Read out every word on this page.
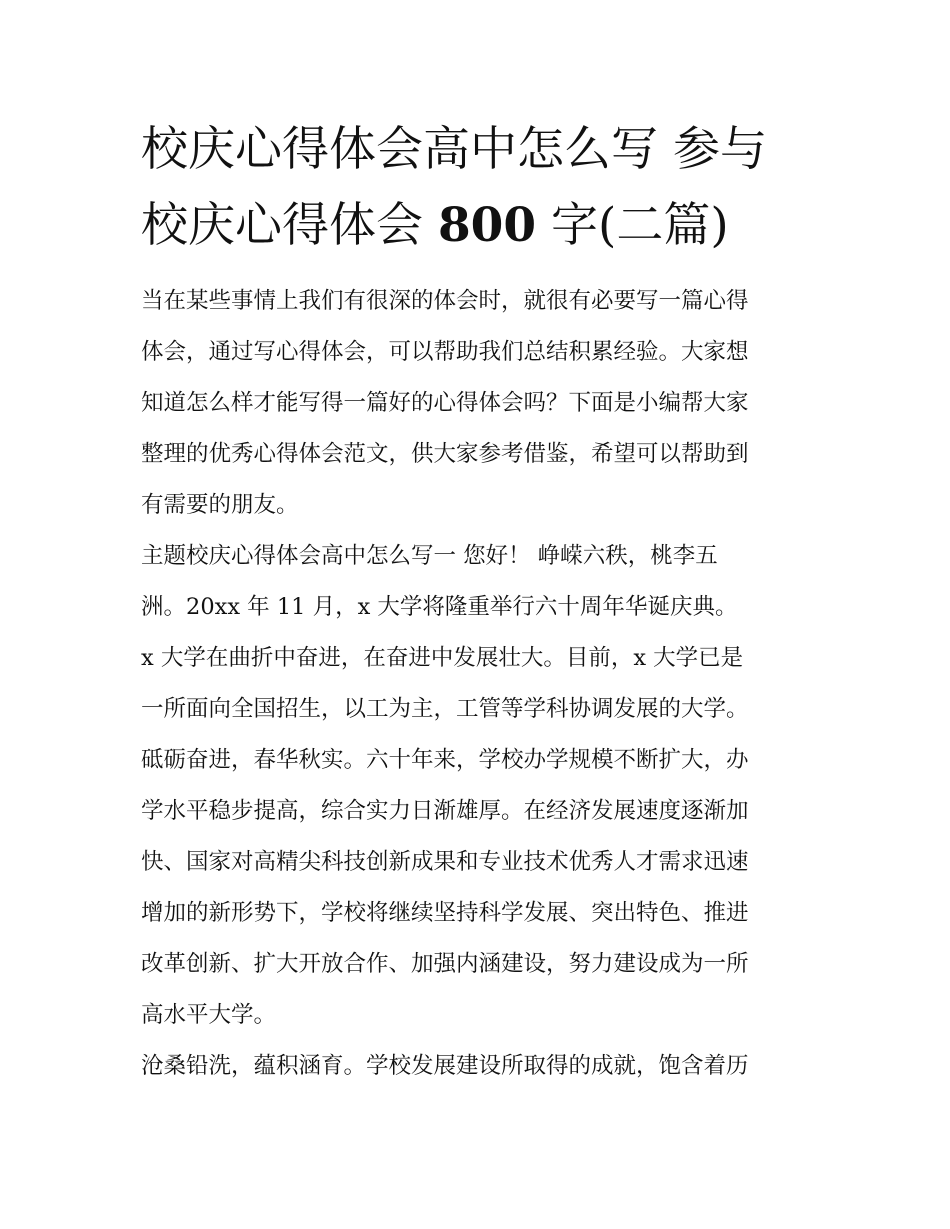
校庆心得体会高中怎么写 参与
校庆心得体会 800 字(二篇)

当在某些事情上我们有很深的体会时，就很有必要写一篇心得
体会，通过写心得体会，可以帮助我们总结积累经验。大家想
知道怎么样才能写得一篇好的心得体会吗？下面是小编帮大家
整理的优秀心得体会范文，供大家参考借鉴，希望可以帮助到
有需要的朋友。

主题校庆心得体会高中怎么写一 您好！ 峥嵘六秩，桃李五
洲。20xx 年 11 月，x 大学将隆重举行六十周年华诞庆典。

x 大学在曲折中奋进，在奋进中发展壮大。目前，x 大学已是
一所面向全国招生，以工为主，工管等学科协调发展的大学。
砥砺奋进，春华秋实。六十年来，学校办学规模不断扩大，办
学水平稳步提高，综合实力日渐雄厚。在经济发展速度逐渐加
快、国家对高精尖科技创新成果和专业技术优秀人才需求迅速
增加的新形势下，学校将继续坚持科学发展、突出特色、推进
改革创新、扩大开放合作、加强内涵建设，努力建设成为一所
高水平大学。

沧桑铅洗，蕴积涵育。学校发展建设所取得的成就，饱含着历
